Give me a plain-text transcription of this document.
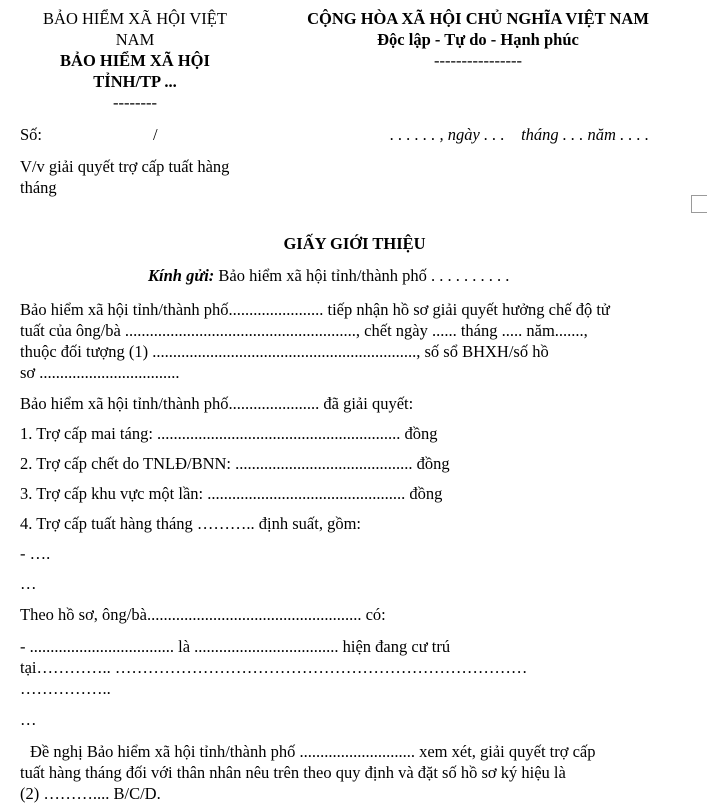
BẢO HIỂM XÃ HỘI VIỆT
NAM
BẢO HIỂM XÃ HỘI
TỈNH/TP ...
--------
CỘNG HÒA XÃ HỘI CHỦ NGHĨA VIỆT NAM
Độc lập - Tự do - Hạnh phúc
----------------
Số:	/	. . . . . . , ngày . . .    tháng . . . năm . . . .
V/v giải quyết trợ cấp tuất hàng
tháng
GIẤY GIỚI THIỆU
Kính gửi: Bảo hiểm xã hội tỉnh/thành phố . . . . . . . . . .
Bảo hiểm xã hội tỉnh/thành phố....................... tiếp nhận hồ sơ giải quyết hưởng chế độ tử
tuất của ông/bà ........................................................, chết ngày ...... tháng ..... năm.......,
thuộc đối tượng (1) ................................................................, số sổ BHXH/số hồ
sơ ..................................
Bảo hiểm xã hội tỉnh/thành phố...................... đã giải quyết:
1. Trợ cấp mai táng: ........................................................... đồng
2. Trợ cấp chết do TNLĐ/BNN: ........................................... đồng
3. Trợ cấp khu vực một lần: ................................................ đồng
4. Trợ cấp tuất hàng tháng ……….. định suất, gồm:
- ….
…
Theo hồ sơ, ông/bà.................................................... có:
- ................................... là ................................... hiện đang cư trú
tại………….. …………………………………………………………………
……………..
…
Đề nghị Bảo hiểm xã hội tỉnh/thành phố ............................ xem xét, giải quyết trợ cấp
tuất hàng tháng đối với thân nhân nêu trên theo quy định và đặt số hồ sơ ký hiệu là
(2) ……….... B/C/D.
